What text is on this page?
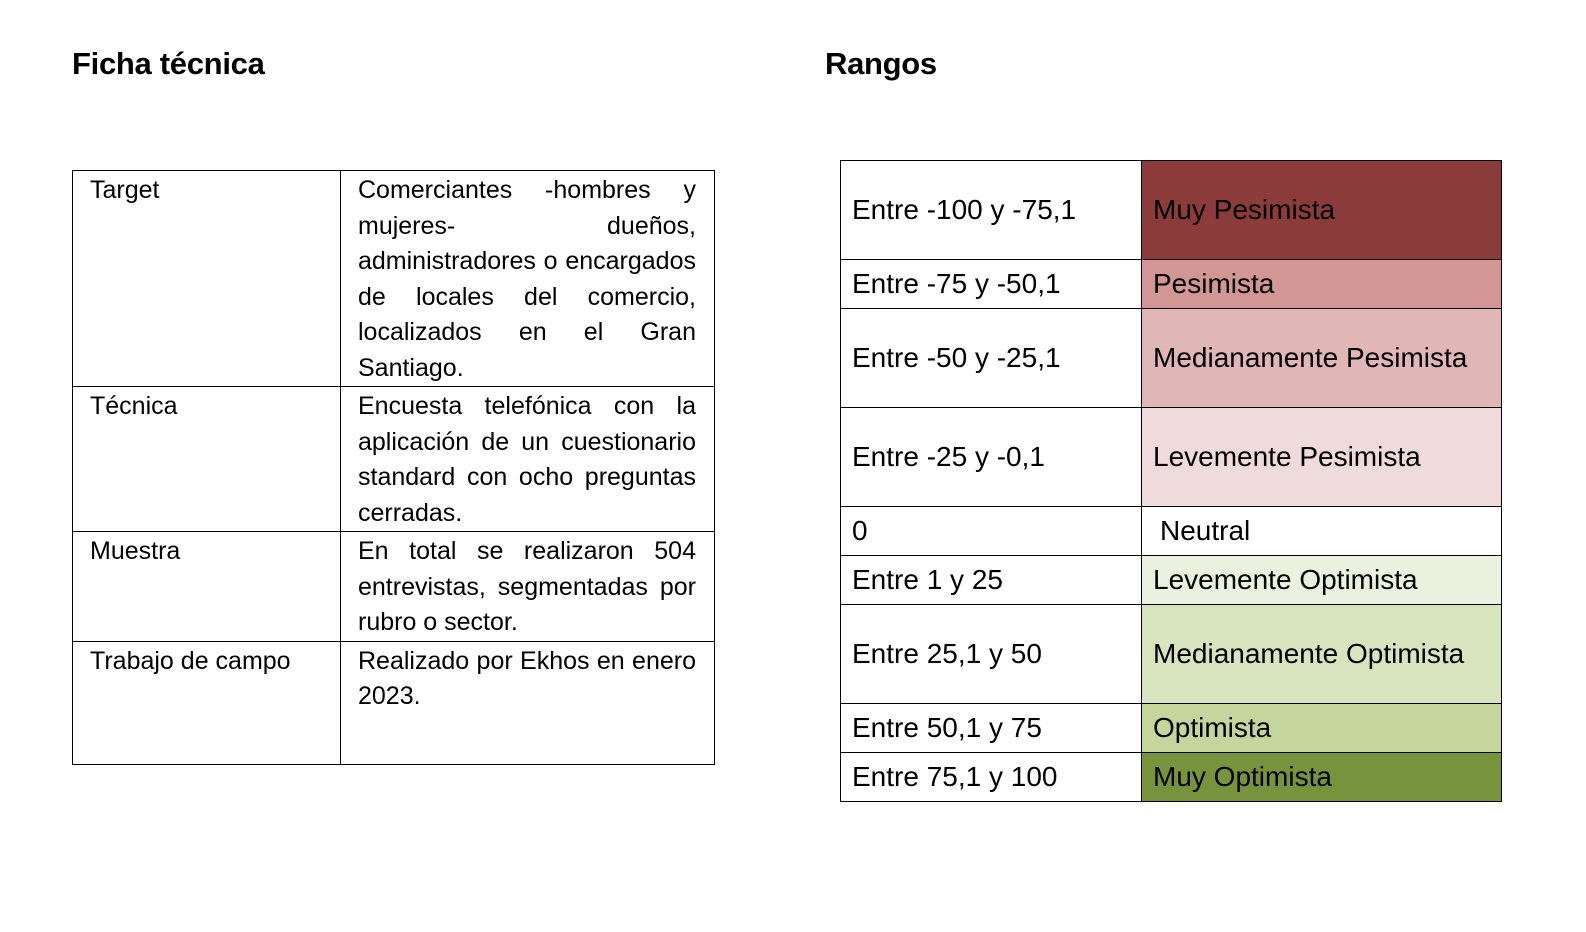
Ficha técnica
Target	Comerciantes -hombres y mujeres- dueños, administradores o encargados de locales del comercio, localizados en el Gran Santiago.
Técnica	Encuesta telefónica con la aplicación de un cuestionario standard con ocho preguntas cerradas.
Muestra	En total se realizaron 504 entrevistas, segmentadas por rubro o sector.
Trabajo de campo	Realizado por Ekhos en enero 2023.
Rangos
Entre -100 y -75,1	Muy Pesimista
Entre -75 y -50,1	Pesimista
Entre -50 y -25,1	Medianamente Pesimista
Entre -25 y -0,1	Levemente Pesimista
0	Neutral
Entre 1 y 25	Levemente Optimista
Entre 25,1 y 50	Medianamente Optimista
Entre 50,1 y 75	Optimista
Entre 75,1 y 100	Muy Optimista
